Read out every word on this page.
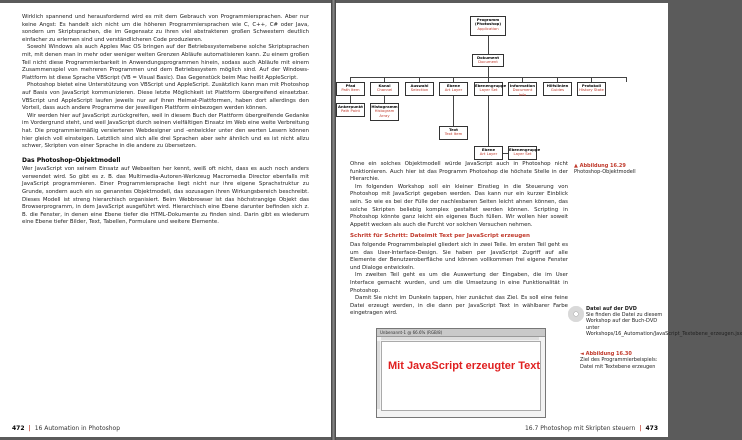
Wirklich spannend und herausfordernd wird es mit dem Gebrauch von Programmiersprachen. Aber nur keine Angst: Es handelt sich nicht um die höheren Programmiersprachen wie C, C++, C# oder Java, sondern um Skriptsprachen, die im Gegensatz zu ihren viel abstrakteren großen Schwestern deutlich einfacher zu erlernen sind und verständlicheren Code produzieren.

Sowohl Windows als auch Apples Mac OS bringen auf der Betriebssystemebene solche Skriptsprachen mit, mit denen man in mehr oder weniger weiten Grenzen Abläufe automatisieren kann. Zu einem großen Teil nicht diese Programmierbarkeit in Anwendungsprogrammen hinein, sodass auch Abläufe mit einem Zusammenspiel von mehreren Programmen und dem Betriebssystem möglich sind. Auf der Windows-Plattform ist diese Sprache VBScript (VB = Visual Basic). Das Gegenstück beim Mac heißt AppleScript.

Photoshop bietet eine Unterstützung von VBScript und AppleScript. Zusätzlich kann man mit Photoshop auf Basis von JavaScript kommunizieren. Diese letzte Möglichkeit ist Plattform übergreifend einsetzbar. VBScript und AppleScript laufen jeweils nur auf ihren Heimat-Plattformen, haben dort allerdings den Vorteil, dass auch andere Programme der jeweiligen Plattform einbezogen werden können.

Wir werden hier auf JavaScript zurückgreifen, weil in diesem Buch der Plattform übergreifende Gedanke im Vordergrund steht, und weil JavaScript durch seinen vielfältigen Einsatz im Web eine weite Verbreitung hat. Die programmiermäßig versierteren Webdesigner und -entwickler unter den werten Lesern können hier gleich voll einsteigen. Letztlich sind sich alle drei Sprachen aber sehr ähnlich und es ist nicht allzu schwer, Skripten von einer Sprache in die andere zu übersetzen.

Das Photoshop-Objektmodell

Wer JavaScript von seinem Einsatz auf Webseiten her kennt, weiß oft nicht, dass es auch noch anders verwendet wird. So gibt es z. B. das Multimedia-Autoren-Werkzeug Macromedia Director ebenfalls mit JavaScript programmieren. Einer Programmiersprache liegt nicht nur ihre eigene Sprachstruktur zu Grunde, sondern auch ein so genanntes Objektmodell, das sozusagen ihren Wirkungsbereich beschreibt. Dieses Modell ist streng hierarchisch organisiert. Beim Webbrowser ist das höchstrangige Objekt das Browserprogramm, in dem JavaScript ausgeführt wird. Hierarchisch eine Ebene darunter befinden sich z. B. die Fenster, in denen eine Ebene tiefer die HTML-Dokumente zu finden sind. Darin gibt es wiederum eine Ebene tiefer Bilder, Text, Tabellen, Formulare und weitere Elemente.

472 | 16 Automation in Photoshop
Programm (Photoshop)
Application
Dokument
Document
Pfad
Path Item
Kanal
Channel
Auswahl
Selection
Ebene
Art Layer
Ebenengruppe
Layer Set
Information
Document Info
Hilfslinien
Guides
Protokoll
History State
Ankerpunkt
Path Point
Histogramm
Histogram Array
Text
Text Item
Ebene
Art Layer
Ebenengruppe
Layer Set
▲ Abbildung 16.29
Photoshop-Objektmodell

Ohne ein solches Objektmodell würde JavaScript auch in Photoshop nicht funktionieren. Auch hier ist das Programm Photoshop die höchste Stelle in der Hierarchie.

Im folgenden Workshop soll ein kleiner Einstieg in die Steuerung von Photoshop mit JavaScript gegeben werden. Das kann nur ein kurzer Einblick sein. So wie es bei der Fülle der nachlesbaren Seiten leicht ahnen können, das solche Skripten beliebig komplex gestaltet werden können. Scripting in Photoshop könnte ganz leicht ein eigenes Buch füllen. Wir wollen hier soweit Appetit wecken als auch die Furcht vor solchen Versuchen nehmen.

Schritt für Schritt: Dateimit Text per JavaScript erzeugen

Das folgende Programmbeispiel gliedert sich in zwei Teile. Im ersten Teil geht es um das User-Interface-Design. Sie haben per JavaScript Zugriff auf alle Elemente der Benutzeroberfläche und können vollkommen frei eigene Fenster und Dialoge entwickeln.

Im zweiten Teil geht es um die Auswertung der Eingaben, die im User Interface gemacht wurden, und um die Umsetzung in eine Funktionalität in Photoshop.

Damit Sie nicht im Dunkeln tappen, hier zunächst das Ziel. Es soll eine feine Datei erzeugt werden, in die dann per JavaScript Text in wählbarer Farbe eingetragen wird.

Datei auf der DVD
Sie finden die Datei zu diesem Workshop auf der Buch-DVD unter Workshops/16_Automation/JavaScript_Textebene_erzeugen.jsx
◄ Abbildung 16.30
Ziel des Programmierbeispiels: Datei mit Textebene erzeugen
Unbenannt-1 @ 66.6% (RGB/8)
Mit JavaScript erzeugter Text
16.7 Photoshop mit Skripten steuern | 473
